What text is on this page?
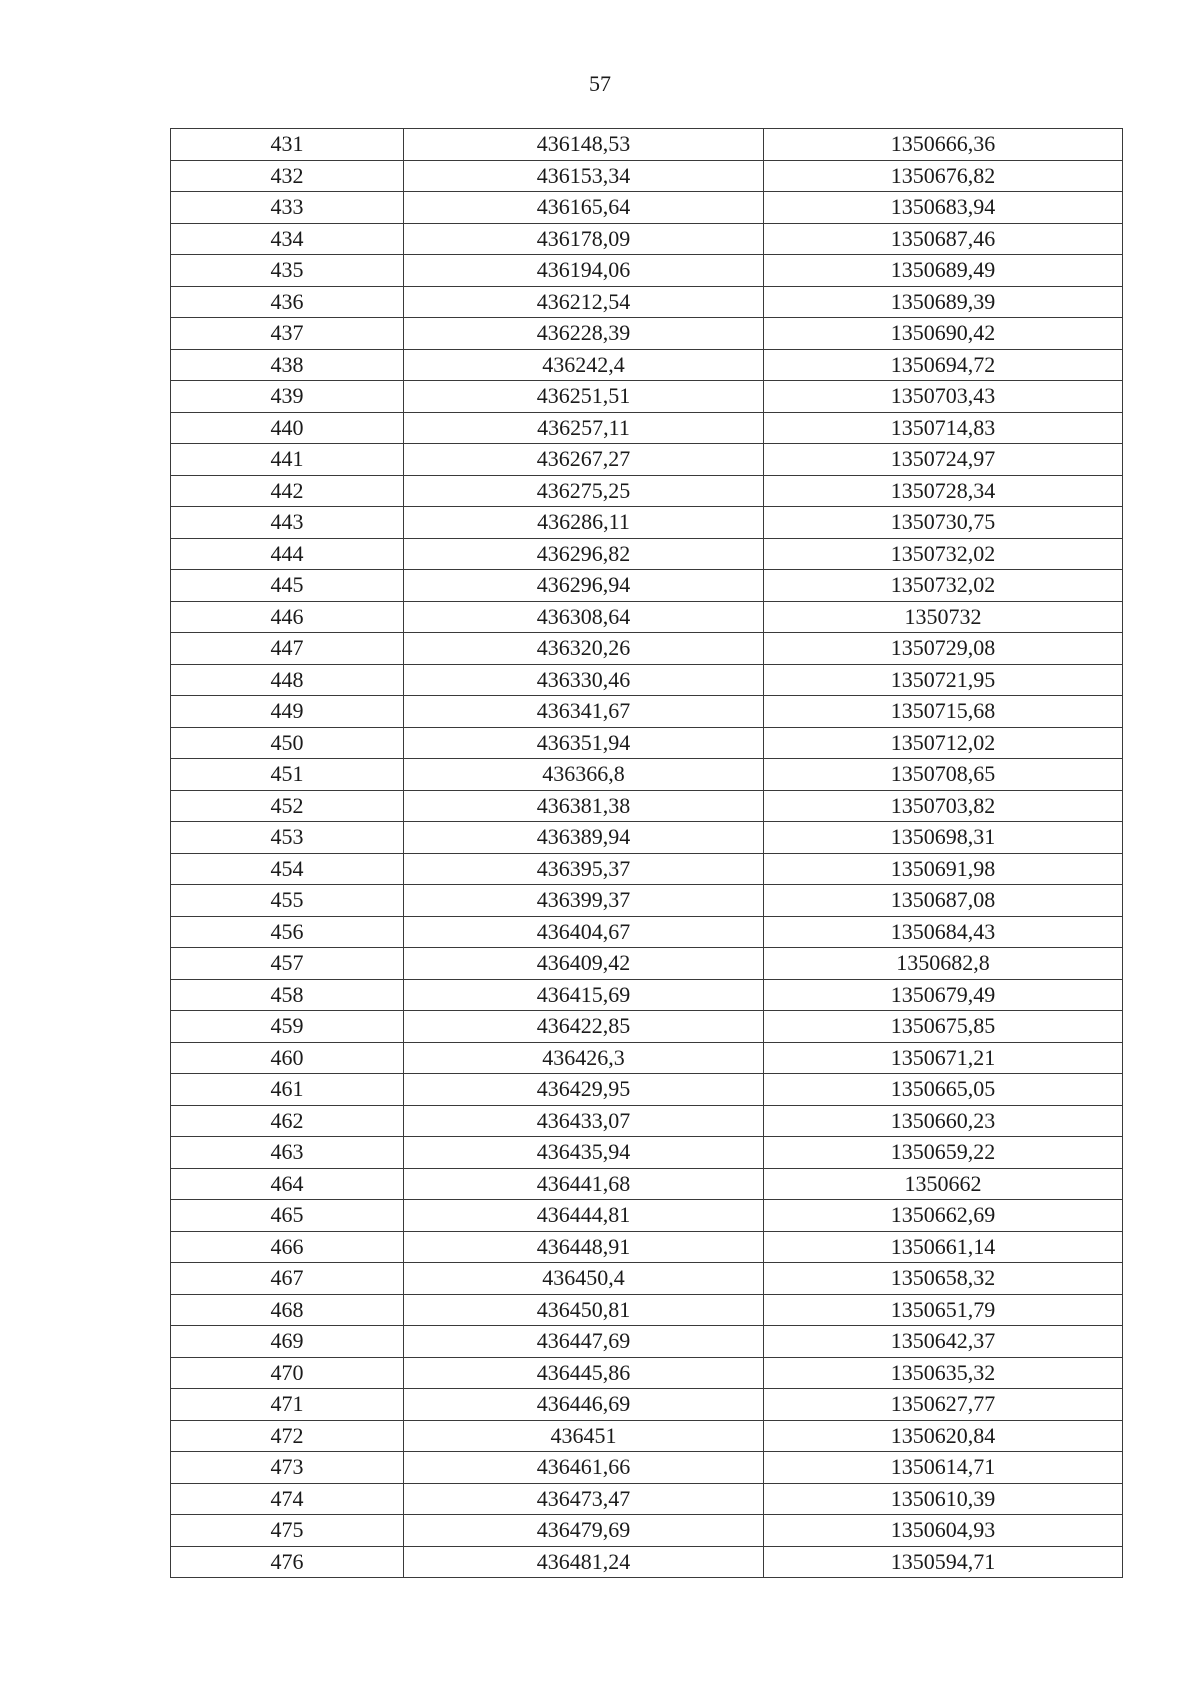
57
431	436148,53	1350666,36
432	436153,34	1350676,82
433	436165,64	1350683,94
434	436178,09	1350687,46
435	436194,06	1350689,49
436	436212,54	1350689,39
437	436228,39	1350690,42
438	436242,4	1350694,72
439	436251,51	1350703,43
440	436257,11	1350714,83
441	436267,27	1350724,97
442	436275,25	1350728,34
443	436286,11	1350730,75
444	436296,82	1350732,02
445	436296,94	1350732,02
446	436308,64	1350732
447	436320,26	1350729,08
448	436330,46	1350721,95
449	436341,67	1350715,68
450	436351,94	1350712,02
451	436366,8	1350708,65
452	436381,38	1350703,82
453	436389,94	1350698,31
454	436395,37	1350691,98
455	436399,37	1350687,08
456	436404,67	1350684,43
457	436409,42	1350682,8
458	436415,69	1350679,49
459	436422,85	1350675,85
460	436426,3	1350671,21
461	436429,95	1350665,05
462	436433,07	1350660,23
463	436435,94	1350659,22
464	436441,68	1350662
465	436444,81	1350662,69
466	436448,91	1350661,14
467	436450,4	1350658,32
468	436450,81	1350651,79
469	436447,69	1350642,37
470	436445,86	1350635,32
471	436446,69	1350627,77
472	436451	1350620,84
473	436461,66	1350614,71
474	436473,47	1350610,39
475	436479,69	1350604,93
476	436481,24	1350594,71
